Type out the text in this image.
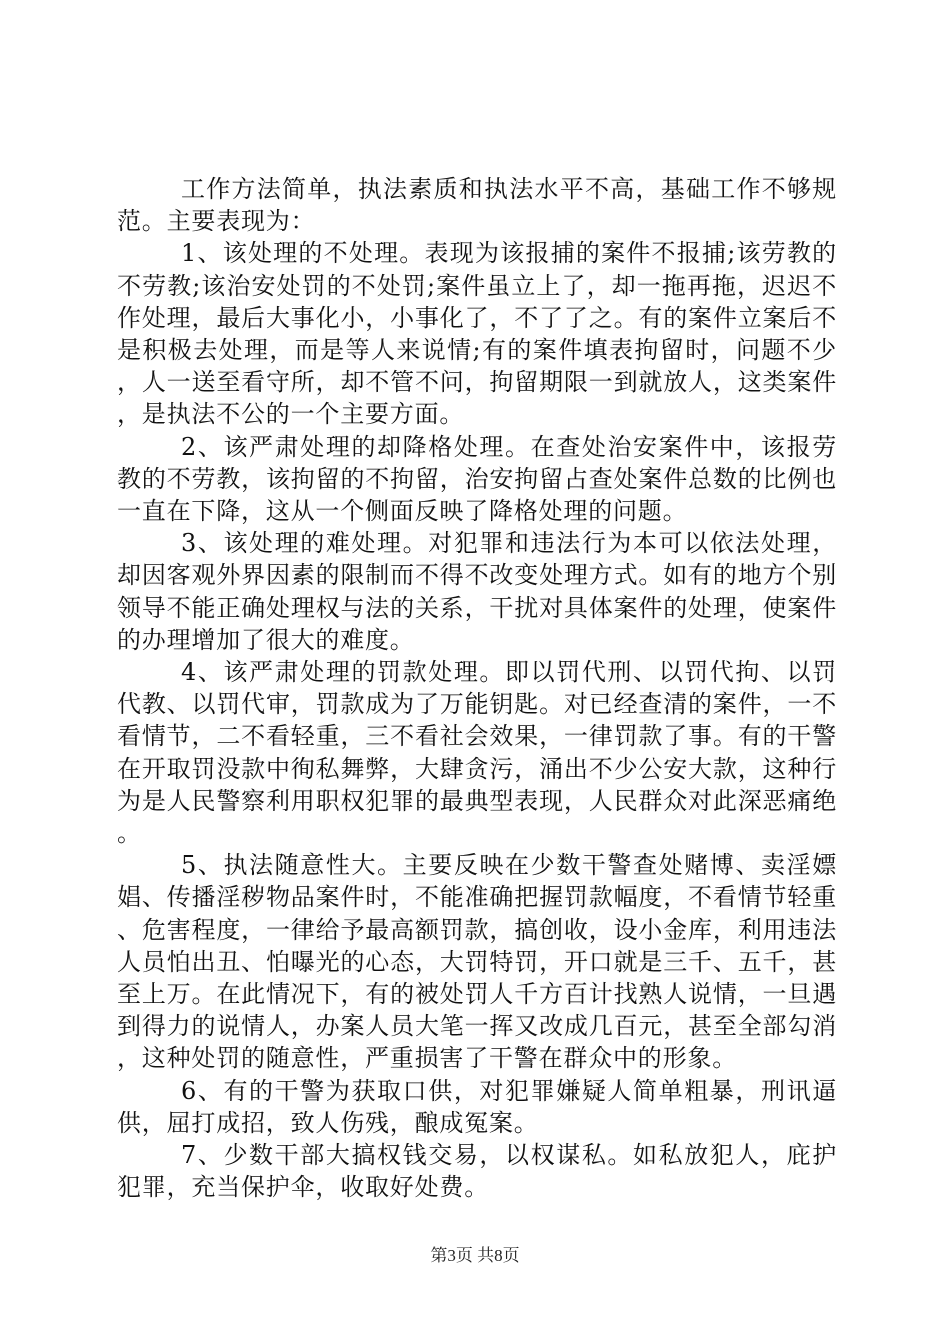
工作方法简单，执法素质和执法水平不高，基础工作不够规范。主要表现为：

1、该处理的不处理。表现为该报捕的案件不报捕;该劳教的不劳教;该治安处罚的不处罚;案件虽立上了，却一拖再拖，迟迟不作处理，最后大事化小，小事化了，不了了之。有的案件立案后不是积极去处理，而是等人来说情;有的案件填表拘留时，问题不少，人一送至看守所，却不管不问，拘留期限一到就放人，这类案件，是执法不公的一个主要方面。

2、该严肃处理的却降格处理。在查处治安案件中，该报劳教的不劳教，该拘留的不拘留，治安拘留占查处案件总数的比例也一直在下降，这从一个侧面反映了降格处理的问题。

3、该处理的难处理。对犯罪和违法行为本可以依法处理，却因客观外界因素的限制而不得不改变处理方式。如有的地方个别领导不能正确处理权与法的关系，干扰对具体案件的处理，使案件的办理增加了很大的难度。

4、该严肃处理的罚款处理。即以罚代刑、以罚代拘、以罚代教、以罚代审，罚款成为了万能钥匙。对已经查清的案件，一不看情节，二不看轻重，三不看社会效果，一律罚款了事。有的干警在开取罚没款中徇私舞弊，大肆贪污，涌出不少公安大款，这种行为是人民警察利用职权犯罪的最典型表现，人民群众对此深恶痛绝。

5、执法随意性大。主要反映在少数干警查处赌博、卖淫嫖娼、传播淫秽物品案件时，不能准确把握罚款幅度，不看情节轻重、危害程度，一律给予最高额罚款，搞创收，设小金库，利用违法人员怕出丑、怕曝光的心态，大罚特罚，开口就是三千、五千，甚至上万。在此情况下，有的被处罚人千方百计找熟人说情，一旦遇到得力的说情人，办案人员大笔一挥又改成几百元，甚至全部勾消，这种处罚的随意性，严重损害了干警在群众中的形象。

6、有的干警为获取口供，对犯罪嫌疑人简单粗暴，刑讯逼供，屈打成招，致人伤残，酿成冤案。

7、少数干部大搞权钱交易，以权谋私。如私放犯人，庇护犯罪，充当保护伞，收取好处费。

第3页 共8页
